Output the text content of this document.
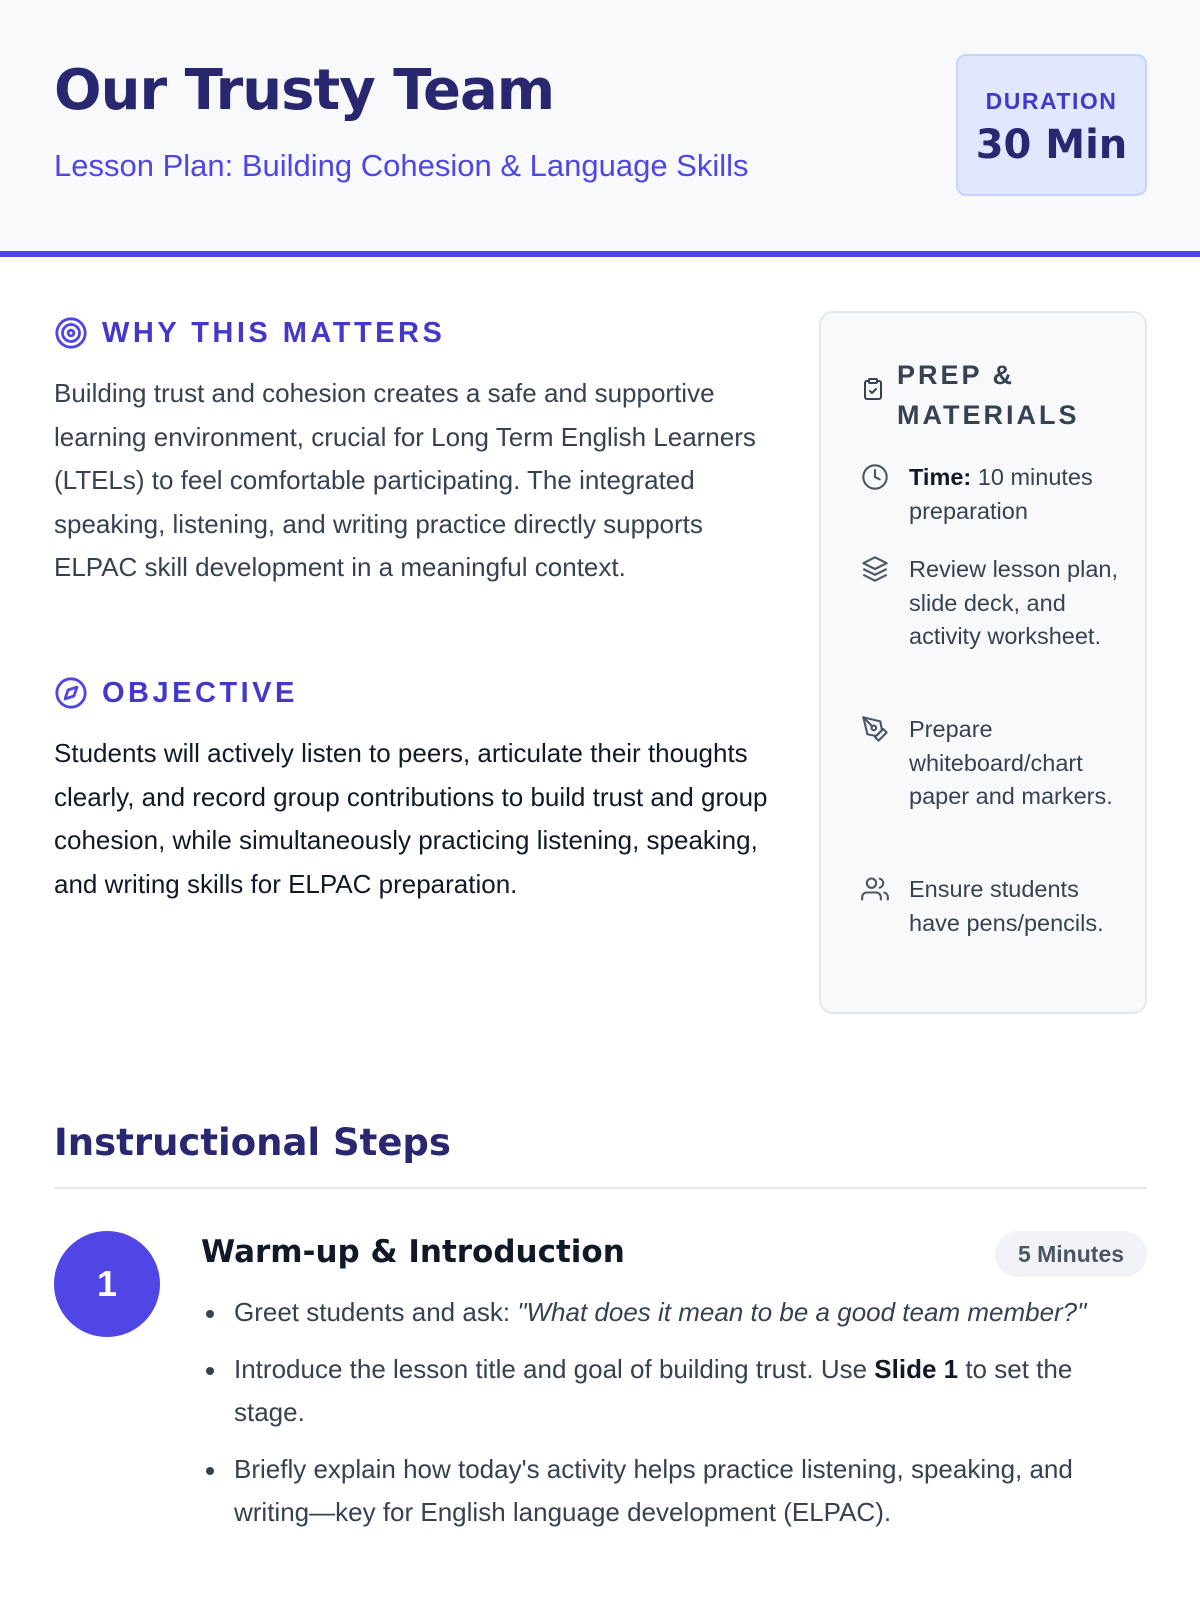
Our Trusty Team
Lesson Plan: Building Cohesion & Language Skills
DURATION
30 Min
WHY THIS MATTERS

Building trust and cohesion creates a safe and supportive learning environment, crucial for Long Term English Learners (LTELs) to feel comfortable participating. The integrated speaking, listening, and writing practice directly supports ELPAC skill development in a meaningful context.

OBJECTIVE

Students will actively listen to peers, articulate their thoughts clearly, and record group contributions to build trust and group cohesion, while simultaneously practicing listening, speaking, and writing skills for ELPAC preparation.

PREP & MATERIALS
Time: 10 minutes preparation
Review lesson plan, slide deck, and activity worksheet.
Prepare whiteboard/chart paper and markers.
Ensure students have pens/pencils.
Instructional Steps
1
Warm-up & Introduction	5 Minutes
Greet students and ask: "What does it mean to be a good team member?"
Introduce the lesson title and goal of building trust. Use Slide 1 to set the stage.
Briefly explain how today's activity helps practice listening, speaking, and writing—key for English language development (ELPAC).
